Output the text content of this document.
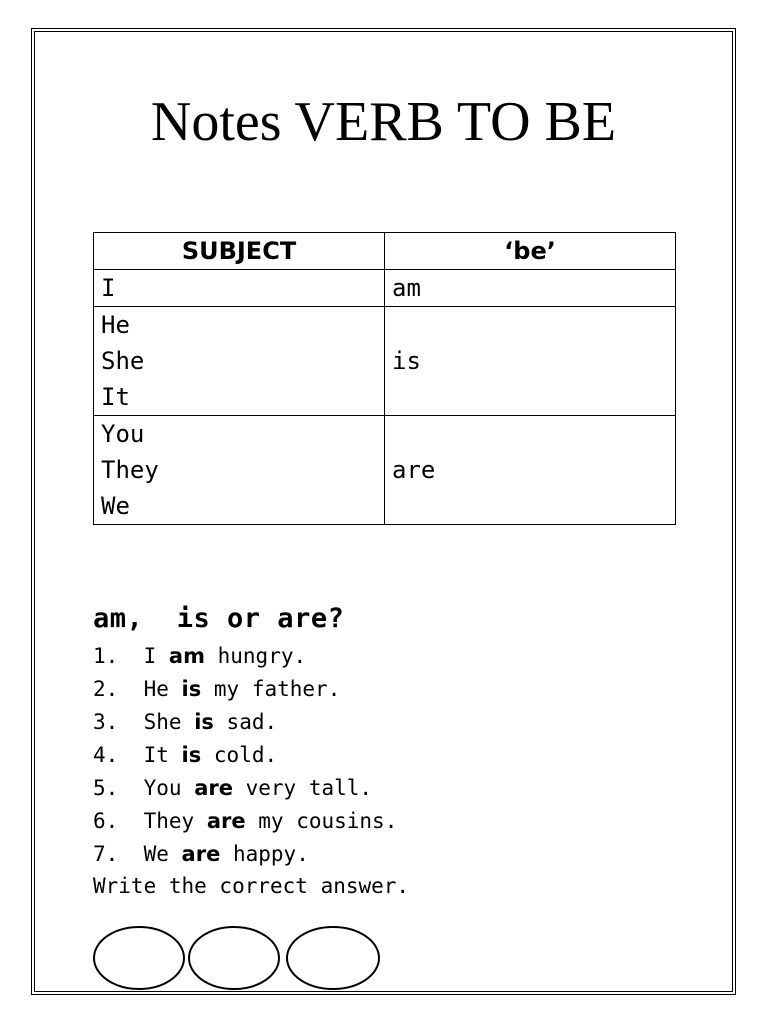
Notes VERB TO BE
SUBJECT	‘be’

I	am

He
She
It	is

You
They
We	are
am,  is or are?
1. I am hungry.
2. He is my father.
3. She is sad.
4. It is cold.
5. You are very tall.
6. They are my cousins.
7. We are happy.
Write the correct answer.
